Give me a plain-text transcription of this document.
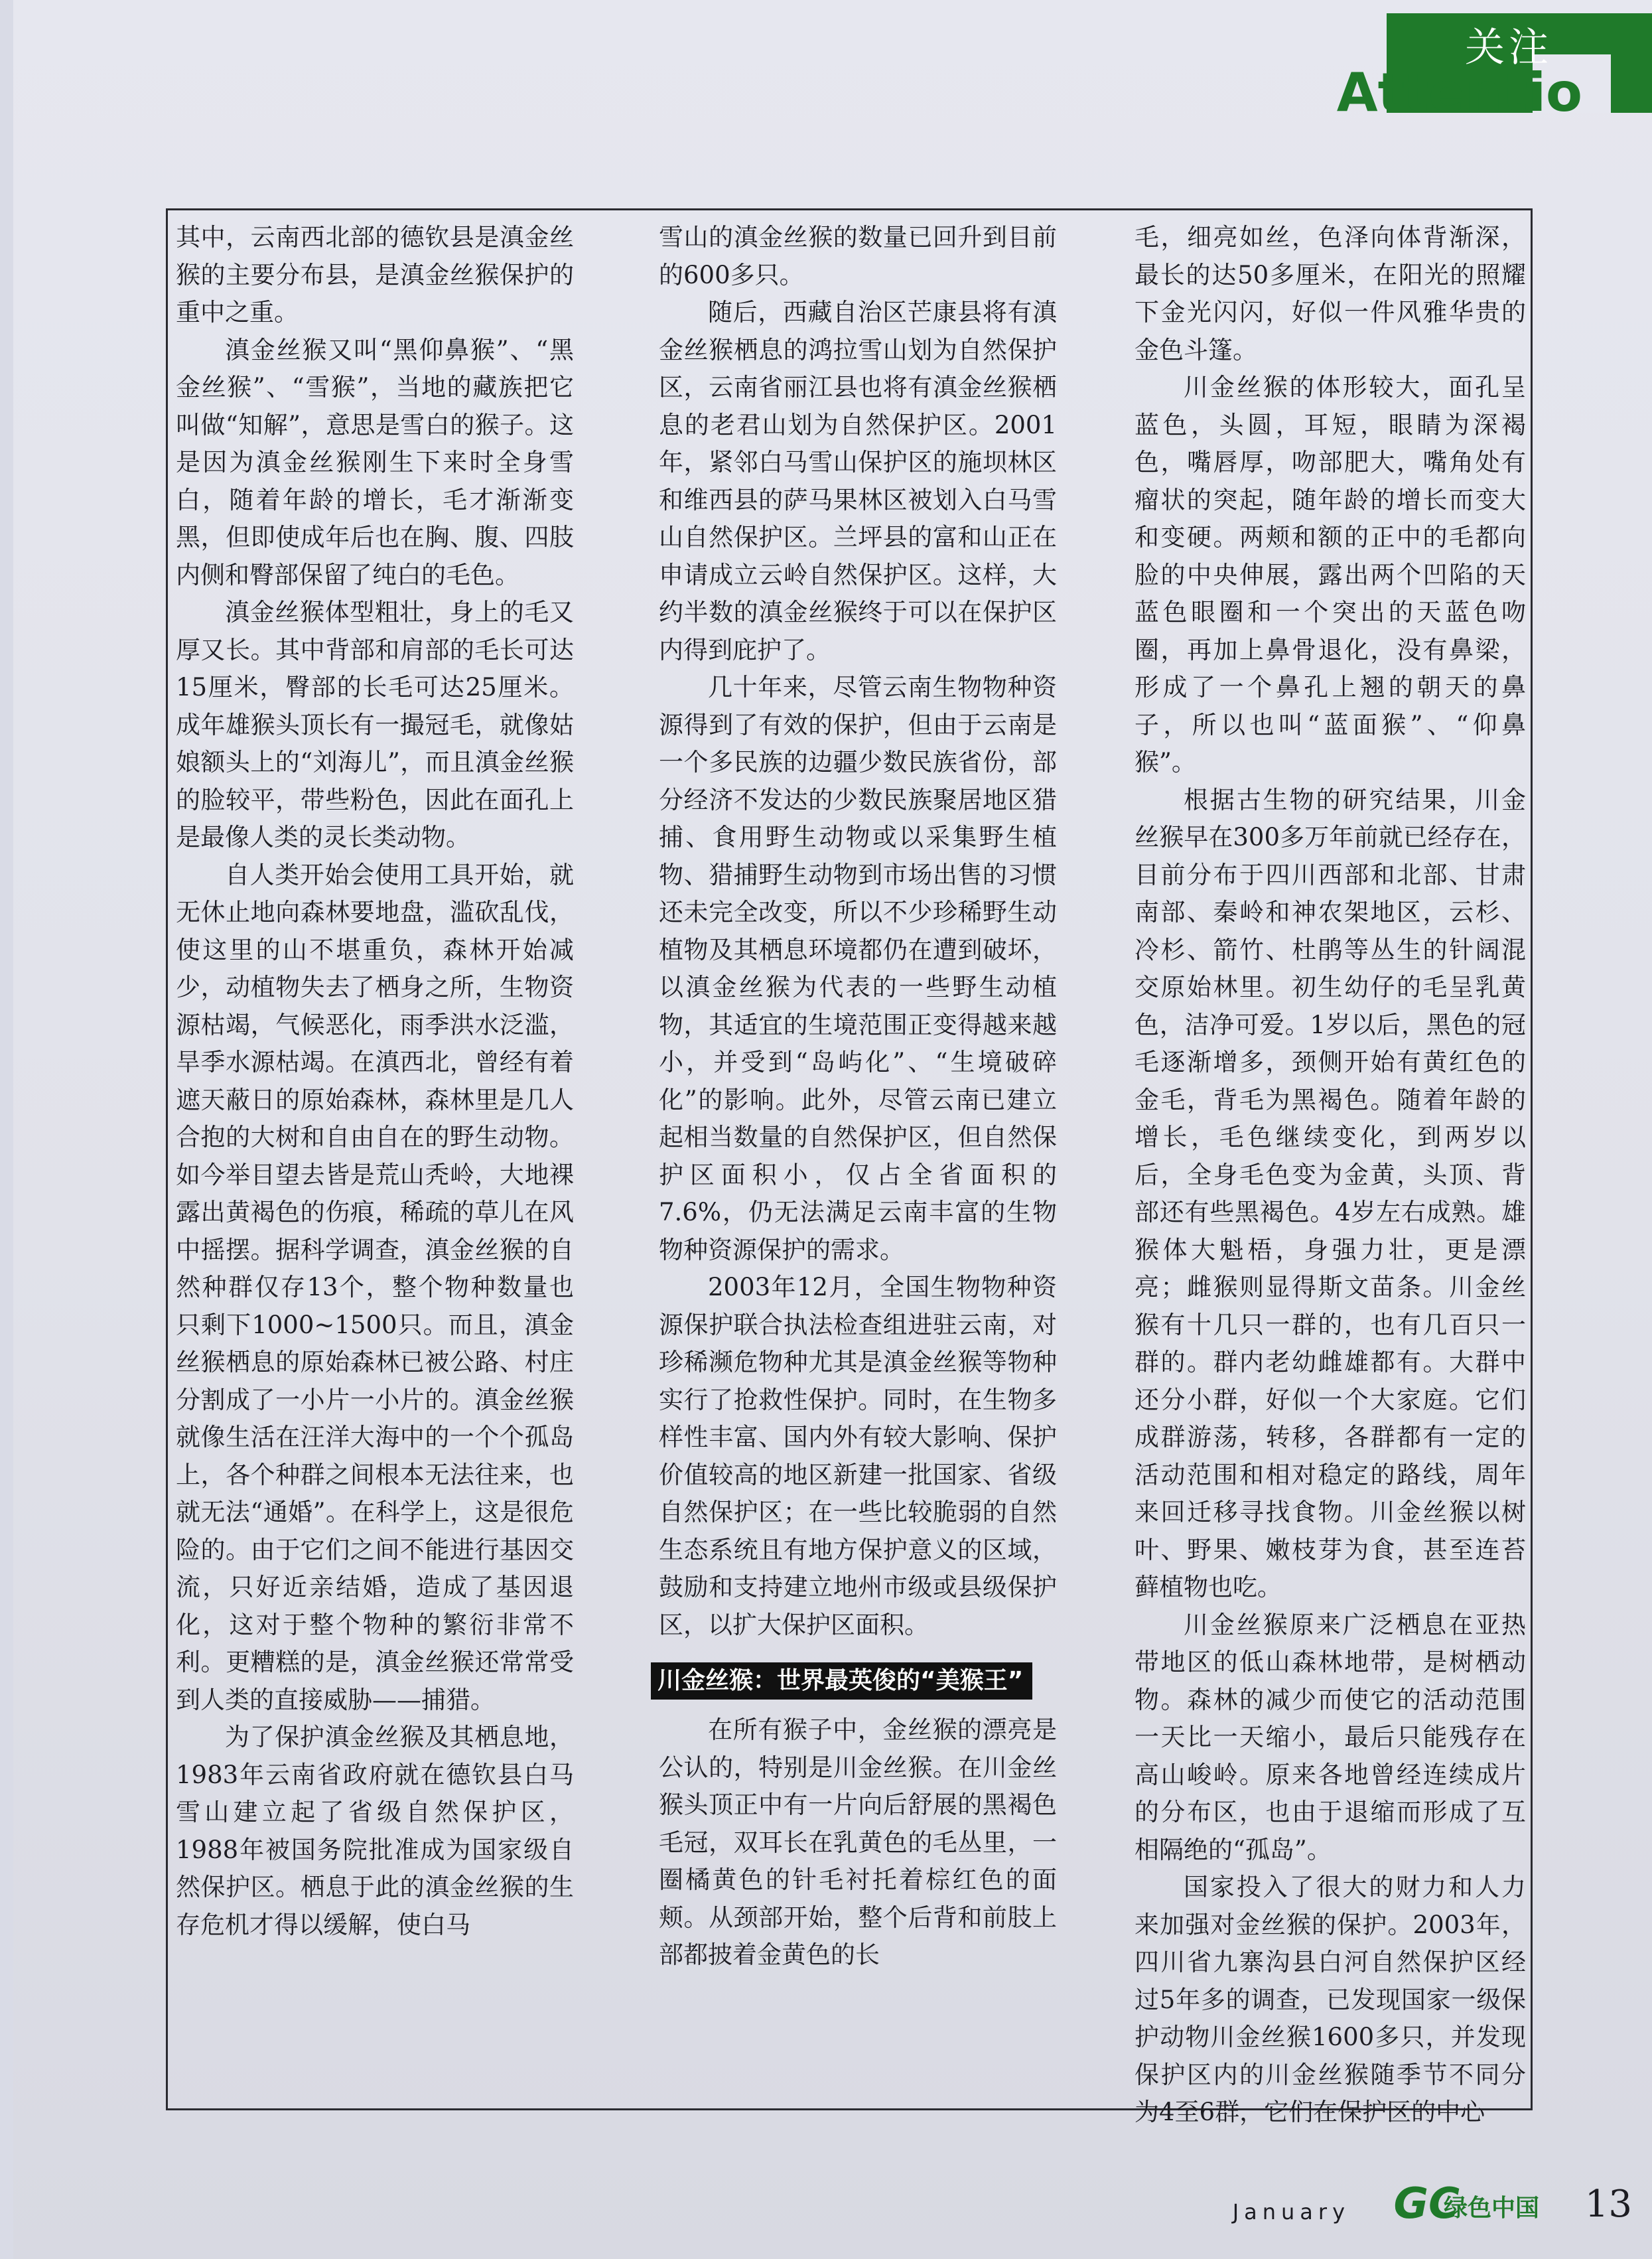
关注
Attentio

其中，云南西北部的德钦县是滇金丝猴的主要分布县，是滇金丝猴保护的重中之重。

滇金丝猴又叫“黑仰鼻猴”、“黑金丝猴”、“雪猴”，当地的藏族把它叫做“知解”，意思是雪白的猴子。这是因为滇金丝猴刚生下来时全身雪白，随着年龄的增长，毛才渐渐变黑，但即使成年后也在胸、腹、四肢内侧和臀部保留了纯白的毛色。

滇金丝猴体型粗壮，身上的毛又厚又长。其中背部和肩部的毛长可达15厘米，臀部的长毛可达25厘米。成年雄猴头顶长有一撮冠毛，就像姑娘额头上的“刘海儿”，而且滇金丝猴的脸较平，带些粉色，因此在面孔上是最像人类的灵长类动物。

自人类开始会使用工具开始，就无休止地向森林要地盘，滥砍乱伐，使这里的山不堪重负，森林开始减少，动植物失去了栖身之所，生物资源枯竭，气候恶化，雨季洪水泛滥，旱季水源枯竭。在滇西北，曾经有着遮天蔽日的原始森林，森林里是几人合抱的大树和自由自在的野生动物。如今举目望去皆是荒山秃岭，大地裸露出黄褐色的伤痕，稀疏的草儿在风中摇摆。据科学调查，滇金丝猴的自然种群仅存13个，整个物种数量也只剩下1000~1500只。而且，滇金丝猴栖息的原始森林已被公路、村庄分割成了一小片一小片的。滇金丝猴就像生活在汪洋大海中的一个个孤岛上，各个种群之间根本无法往来，也就无法“通婚”。在科学上，这是很危险的。由于它们之间不能进行基因交流，只好近亲结婚，造成了基因退化，这对于整个物种的繁衍非常不利。更糟糕的是，滇金丝猴还常常受到人类的直接威胁——捕猎。

为了保护滇金丝猴及其栖息地，1983年云南省政府就在德钦县白马雪山建立起了省级自然保护区，1988年被国务院批准成为国家级自然保护区。栖息于此的滇金丝猴的生存危机才得以缓解，使白马

雪山的滇金丝猴的数量已回升到目前的600多只。

随后，西藏自治区芒康县将有滇金丝猴栖息的鸿拉雪山划为自然保护区，云南省丽江县也将有滇金丝猴栖息的老君山划为自然保护区。2001年，紧邻白马雪山保护区的施坝林区和维西县的萨马果林区被划入白马雪山自然保护区。兰坪县的富和山正在申请成立云岭自然保护区。这样，大约半数的滇金丝猴终于可以在保护区内得到庇护了。

几十年来，尽管云南生物物种资源得到了有效的保护，但由于云南是一个多民族的边疆少数民族省份，部分经济不发达的少数民族聚居地区猎捕、食用野生动物或以采集野生植物、猎捕野生动物到市场出售的习惯还未完全改变，所以不少珍稀野生动植物及其栖息环境都仍在遭到破坏，以滇金丝猴为代表的一些野生动植物，其适宜的生境范围正变得越来越小，并受到“岛屿化”、“生境破碎化”的影响。此外，尽管云南已建立起相当数量的自然保护区，但自然保护区面积小，仅占全省面积的7.6%，仍无法满足云南丰富的生物物种资源保护的需求。

2003年12月，全国生物物种资源保护联合执法检查组进驻云南，对珍稀濒危物种尤其是滇金丝猴等物种实行了抢救性保护。同时，在生物多样性丰富、国内外有较大影响、保护价值较高的地区新建一批国家、省级自然保护区；在一些比较脆弱的自然生态系统且有地方保护意义的区域，鼓励和支持建立地州市级或县级保护区，以扩大保护区面积。

川金丝猴：世界最英俊的“美猴王”

在所有猴子中，金丝猴的漂亮是公认的，特别是川金丝猴。在川金丝猴头顶正中有一片向后舒展的黑褐色毛冠，双耳长在乳黄色的毛丛里，一圈橘黄色的针毛衬托着棕红色的面颊。从颈部开始，整个后背和前肢上部都披着金黄色的长

毛，细亮如丝，色泽向体背渐深，最长的达50多厘米，在阳光的照耀下金光闪闪，好似一件风雅华贵的金色斗篷。

川金丝猴的体形较大，面孔呈蓝色，头圆，耳短，眼睛为深褐色，嘴唇厚，吻部肥大，嘴角处有瘤状的突起，随年龄的增长而变大和变硬。两颊和额的正中的毛都向脸的中央伸展，露出两个凹陷的天蓝色眼圈和一个突出的天蓝色吻圈，再加上鼻骨退化，没有鼻梁，形成了一个鼻孔上翘的朝天的鼻子，所以也叫“蓝面猴”、“仰鼻猴”。

根据古生物的研究结果，川金丝猴早在300多万年前就已经存在，目前分布于四川西部和北部、甘肃南部、秦岭和神农架地区，云杉、冷杉、箭竹、杜鹃等丛生的针阔混交原始林里。初生幼仔的毛呈乳黄色，洁净可爱。1岁以后，黑色的冠毛逐渐增多，颈侧开始有黄红色的金毛，背毛为黑褐色。随着年龄的增长，毛色继续变化，到两岁以后，全身毛色变为金黄，头顶、背部还有些黑褐色。4岁左右成熟。雄猴体大魁梧，身强力壮，更是漂亮；雌猴则显得斯文苗条。川金丝猴有十几只一群的，也有几百只一群的。群内老幼雌雄都有。大群中还分小群，好似一个大家庭。它们成群游荡，转移，各群都有一定的活动范围和相对稳定的路线，周年来回迁移寻找食物。川金丝猴以树叶、野果、嫩枝芽为食，甚至连苔藓植物也吃。

川金丝猴原来广泛栖息在亚热带地区的低山森林地带，是树栖动物。森林的减少而使它的活动范围一天比一天缩小，最后只能残存在高山峻岭。原来各地曾经连续成片的分布区，也由于退缩而形成了互相隔绝的“孤岛”。

国家投入了很大的财力和人力来加强对金丝猴的保护。2003年，四川省九寨沟县白河自然保护区经过5年多的调查，已发现国家一级保护动物川金丝猴1600多只，并发现保护区内的川金丝猴随季节不同分为4至6群，它们在保护区的中心

January GC
绿色中国 13
